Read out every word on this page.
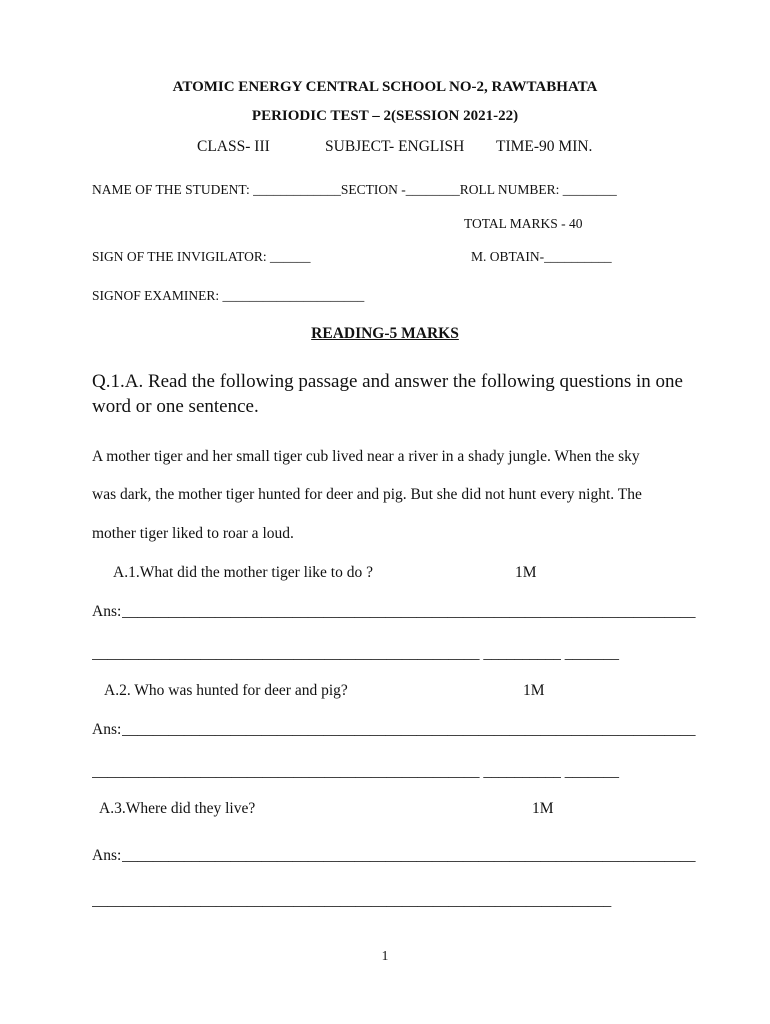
ATOMIC ENERGY CENTRAL SCHOOL NO-2, RAWTABHATA
PERIODIC TEST – 2(SESSION 2021-22)
CLASS- III	SUBJECT- ENGLISH TIME-90 MIN.
NAME OF THE STUDENT: _____________SECTION -________ROLL NUMBER: ________
TOTAL MARKS - 40
SIGN OF THE INVIGILATOR: ______	M. OBTAIN-__________
SIGNOF EXAMINER: _____________________
READING-5 MARKS
Q.1.A. Read the following passage and answer the following questions in one
word or one sentence.
A mother tiger and her small tiger cub lived near a river in a shady jungle. When the sky
was dark, the mother tiger hunted for deer and pig. But she did not hunt every night. The
mother tiger liked to roar a loud.
A.1.What did the mother tiger like to do ?	1M
Ans: __________________________________________________________________________
__________________________________________________ __________ _______
A.2. Who was hunted for deer and pig?	1M
Ans: __________________________________________________________________________
__________________________________________________ __________ _______
A.3.Where did they live?	1M
Ans: __________________________________________________________________________
___________________________________________________________________
1
